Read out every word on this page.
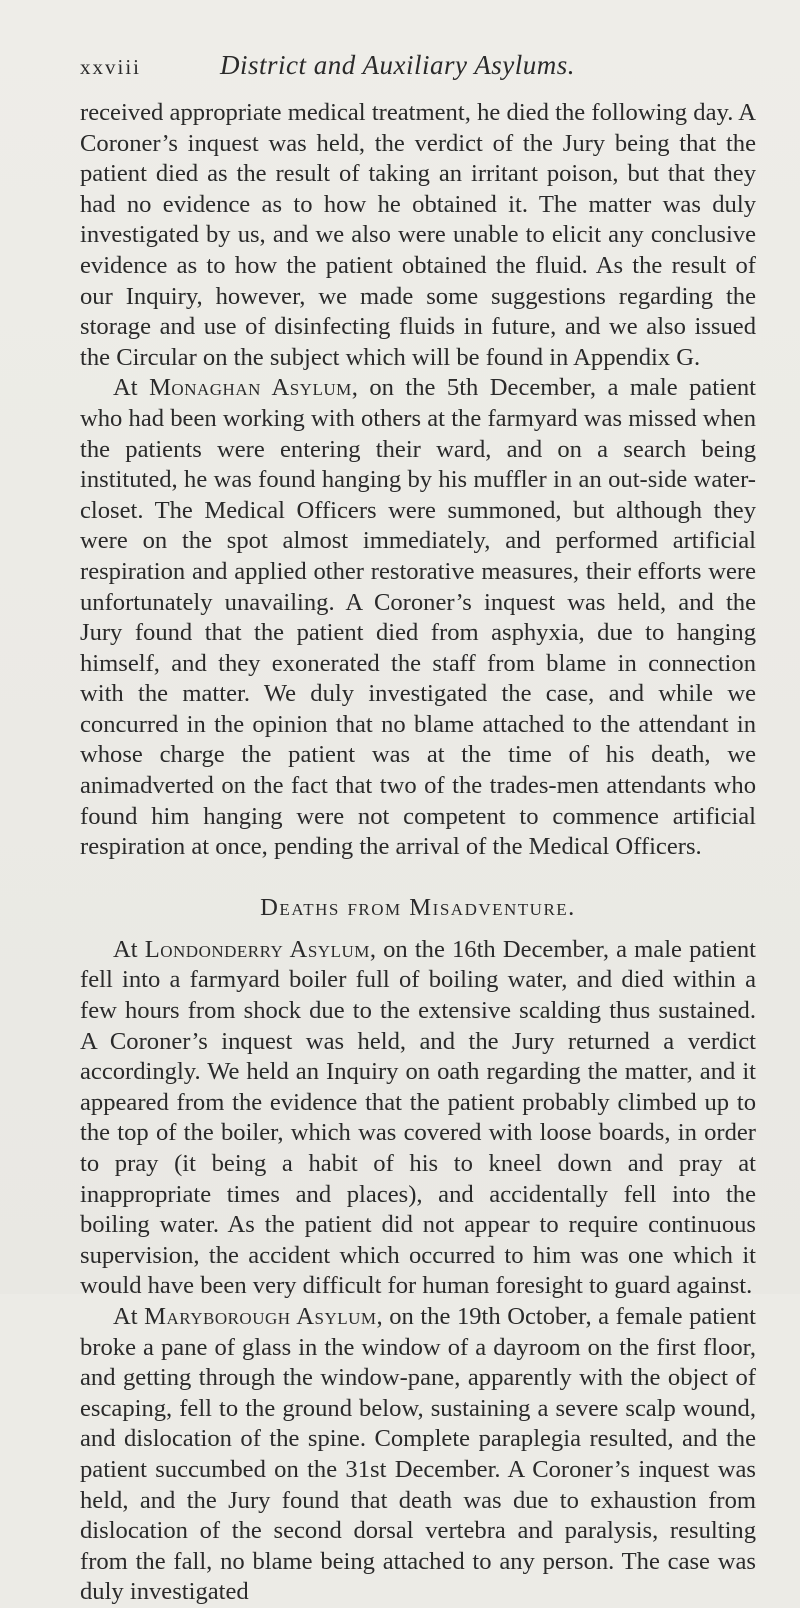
xxviii	District and Auxiliary Asylums.

received appropriate medical treatment, he died the following day. A Coroner’s inquest was held, the verdict of the Jury being that the patient died as the result of taking an irritant poison, but that they had no evidence as to how he obtained it. The matter was duly investigated by us, and we also were unable to elicit any conclusive evidence as to how the patient obtained the fluid. As the result of our Inquiry, however, we made some suggestions regarding the storage and use of disinfecting fluids in future, and we also issued the Circular on the subject which will be found in Appendix G.

At Monaghan Asylum, on the 5th December, a male patient who had been working with others at the farmyard was missed when the patients were entering their ward, and on a search being instituted, he was found hanging by his muffler in an out-side water-closet. The Medical Officers were summoned, but although they were on the spot almost immediately, and performed artificial respiration and applied other restorative measures, their efforts were unfortunately unavailing. A Coroner’s inquest was held, and the Jury found that the patient died from asphyxia, due to hanging himself, and they exonerated the staff from blame in connection with the matter. We duly investigated the case, and while we concurred in the opinion that no blame attached to the attendant in whose charge the patient was at the time of his death, we animadverted on the fact that two of the trades-men attendants who found him hanging were not competent to commence artificial respiration at once, pending the arrival of the Medical Officers.

Deaths from Misadventure.

At Londonderry Asylum, on the 16th December, a male patient fell into a farmyard boiler full of boiling water, and died within a few hours from shock due to the extensive scalding thus sustained. A Coroner’s inquest was held, and the Jury returned a verdict accordingly. We held an Inquiry on oath regarding the matter, and it appeared from the evidence that the patient probably climbed up to the top of the boiler, which was covered with loose boards, in order to pray (it being a habit of his to kneel down and pray at inappropriate times and places), and accidentally fell into the boiling water. As the patient did not appear to require continuous supervision, the accident which occurred to him was one which it would have been very difficult for human foresight to guard against.

At Maryborough Asylum, on the 19th October, a female patient broke a pane of glass in the window of a dayroom on the first floor, and getting through the window-pane, apparently with the object of escaping, fell to the ground below, sustaining a severe scalp wound, and dislocation of the spine. Complete paraplegia resulted, and the patient succumbed on the 31st December. A Coroner’s inquest was held, and the Jury found that death was due to exhaustion from dislocation of the second dorsal vertebra and paralysis, resulting from the fall, no blame being attached to any person. The case was duly investigated
